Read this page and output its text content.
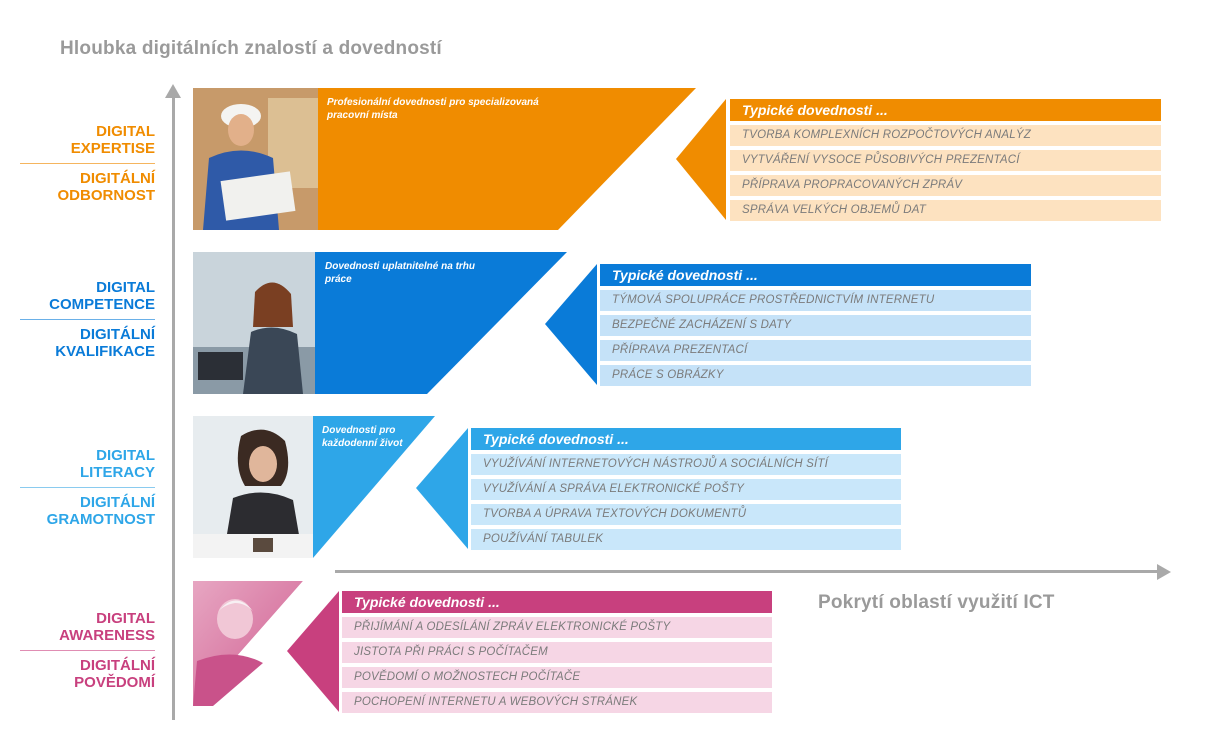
Hloubka digitálních znalostí a dovedností
Pokrytí oblastí využití ICT
DIGITAL EXPERTISE
DIGITÁLNÍ ODBORNOST
Profesionální dovednosti pro specializovaná pracovní místa	Typické dovednosti ...
TVORBA KOMPLEXNÍCH ROZPOČTOVÝCH ANALÝZ
VYTVÁŘENÍ VYSOCE PŮSOBIVÝCH PREZENTACÍ
PŘÍPRAVA PROPRACOVANÝCH ZPRÁV
SPRÁVA VELKÝCH OBJEMŮ DAT
DIGITAL COMPETENCE
DIGITÁLNÍ KVALIFIKACE
Dovednosti uplatnitelné na trhu práce	Typické dovednosti ...
TÝMOVÁ SPOLUPRÁCE PROSTŘEDNICTVÍM INTERNETU
BEZPEČNÉ ZACHÁZENÍ S DATY
PŘÍPRAVA PREZENTACÍ
PRÁCE S OBRÁZKY
DIGITAL LITERACY
DIGITÁLNÍ GRAMOTNOST
Dovednosti pro každodenní život	Typické dovednosti ...
VYUŽÍVÁNÍ INTERNETOVÝCH NÁSTROJŮ A SOCIÁLNÍCH SÍTÍ
VYUŽÍVÁNÍ A SPRÁVA ELEKTRONICKÉ POŠTY
TVORBA A ÚPRAVA TEXTOVÝCH DOKUMENTŮ
POUŽÍVÁNÍ TABULEK
DIGITAL AWARENESS
DIGITÁLNÍ POVĚDOMÍ
Typické dovednosti ...
PŘIJÍMÁNÍ A ODESÍLÁNÍ ZPRÁV ELEKTRONICKÉ POŠTY
JISTOTA PŘI PRÁCI S POČÍTAČEM
POVĚDOMÍ O MOŽNOSTECH POČÍTAČE
POCHOPENÍ INTERNETU A WEBOVÝCH STRÁNEK
